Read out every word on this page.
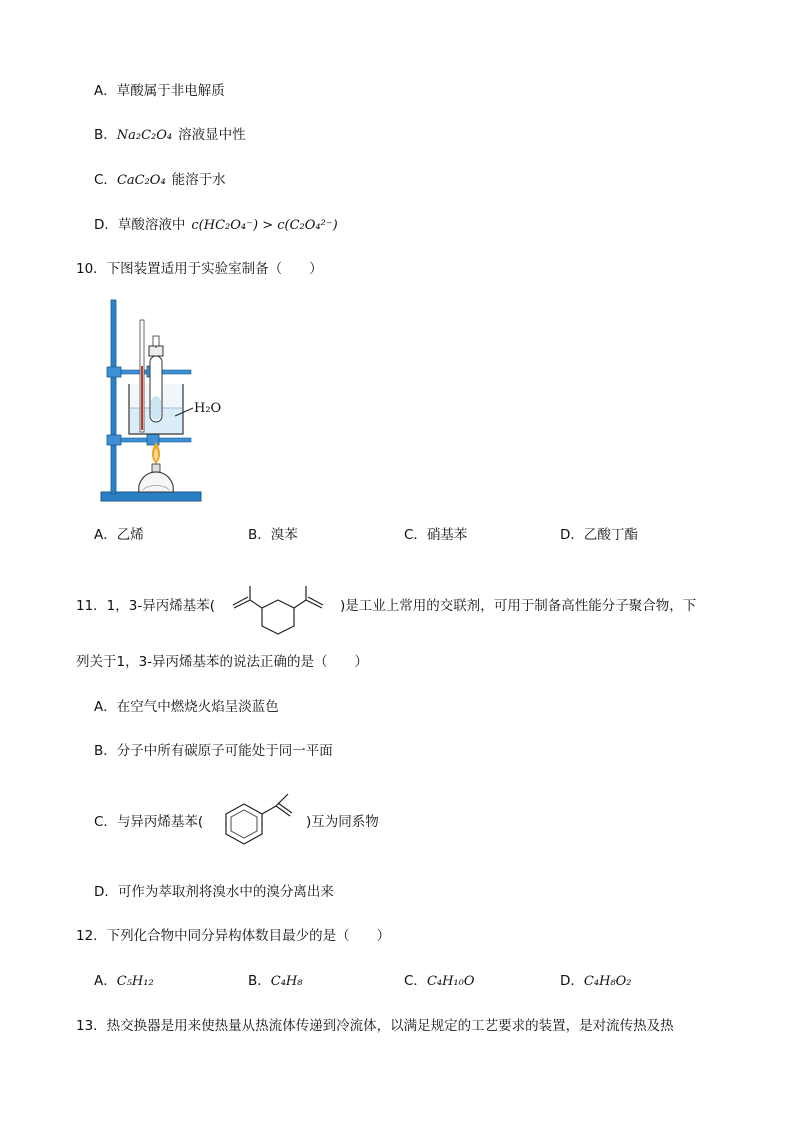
A．草酸属于非电解质
B．Na₂C₂O₄ 溶液显中性
C．CaC₂O₄ 能溶于水
D．草酸溶液中 c(HC₂O₄⁻) > c(C₂O₄²⁻)
10．下图装置适用于实验室制备（　　）
H₂O
A．乙烯	B．溴苯	C．硝基苯	D．乙酸丁酯
11．1，3-异丙烯基苯(	)是工业上常用的交联剂，可用于制备高性能分子聚合物，下
列关于1，3-异丙烯基苯的说法正确的是（　　）
A．在空气中燃烧火焰呈淡蓝色
B．分子中所有碳原子可能处于同一平面
C．与异丙烯基苯(	)互为同系物
D．可作为萃取剂将溴水中的溴分离出来
12．下列化合物中同分异构体数目最少的是（　　）
A．C₅H₁₂	B．C₄H₈	C．C₄H₁₀O	D．C₄H₈O₂
13．热交换器是用来使热量从热流体传递到冷流体，以满足规定的工艺要求的装置，是对流传热及热
